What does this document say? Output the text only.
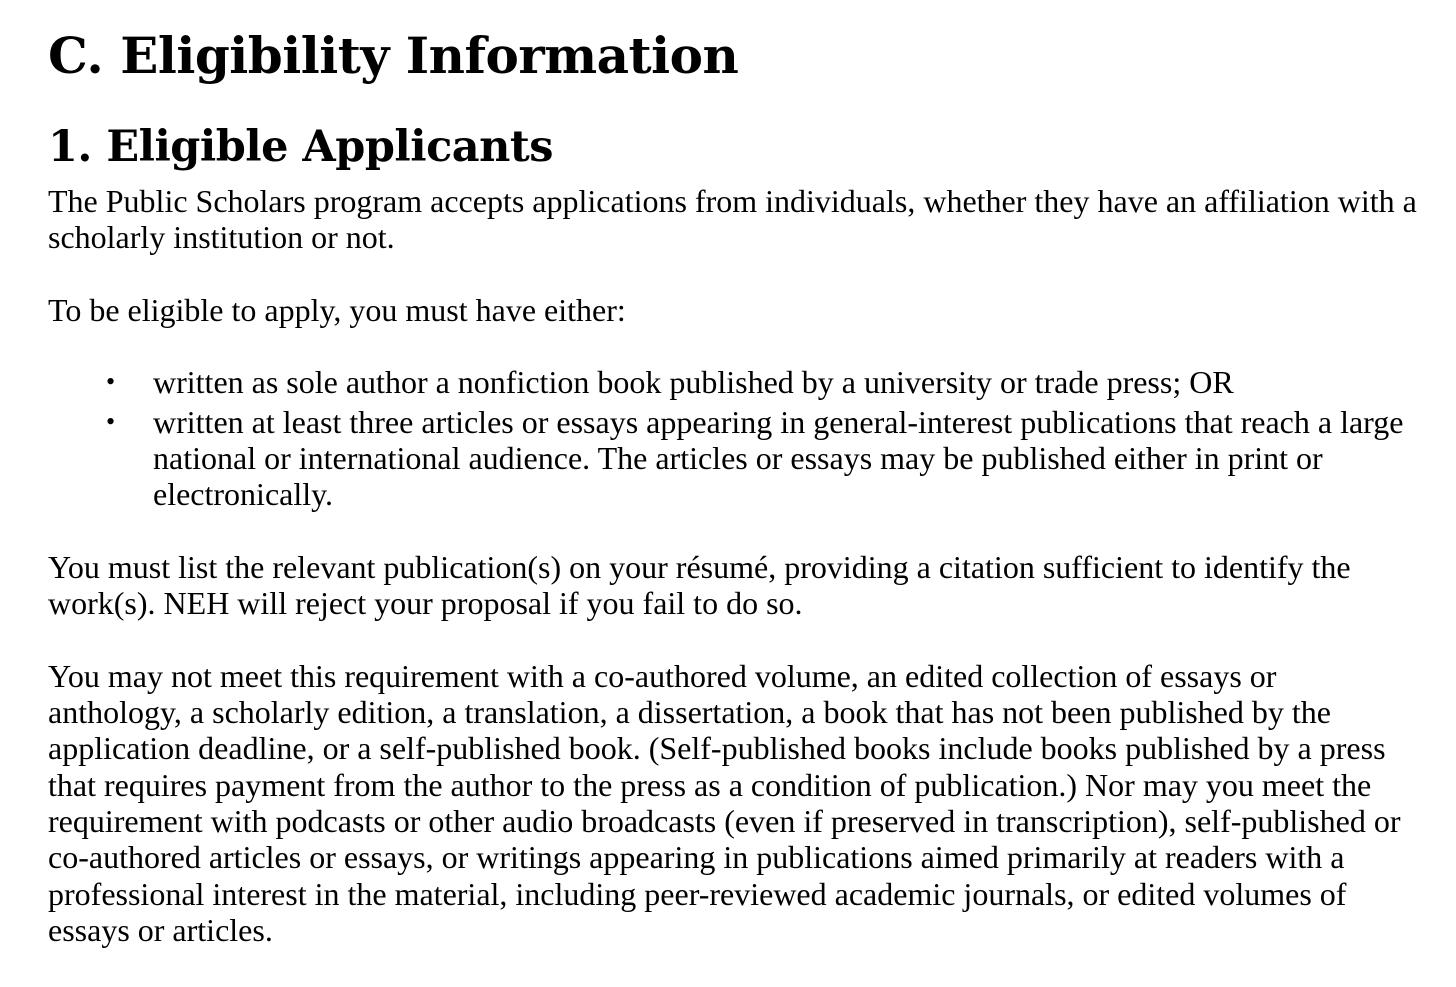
C. Eligibility Information
1. Eligible Applicants

The Public Scholars program accepts applications from individuals, whether they have an affiliation with a scholarly institution or not.

To be eligible to apply, you must have either:

• written as sole author a nonfiction book published by a university or trade press; OR
• written at least three articles or essays appearing in general-interest publications that reach a large national or international audience. The articles or essays may be published either in print or electronically.

You must list the relevant publication(s) on your résumé, providing a citation sufficient to identify the work(s). NEH will reject your proposal if you fail to do so.

You may not meet this requirement with a co-authored volume, an edited collection of essays or anthology, a scholarly edition, a translation, a dissertation, a book that has not been published by the application deadline, or a self-published book. (Self-published books include books published by a press that requires payment from the author to the press as a condition of publication.) Nor may you meet the requirement with podcasts or other audio broadcasts (even if preserved in transcription), self-published or co-authored articles or essays, or writings appearing in publications aimed primarily at readers with a professional interest in the material, including peer-reviewed academic journals, or edited volumes of essays or articles.
